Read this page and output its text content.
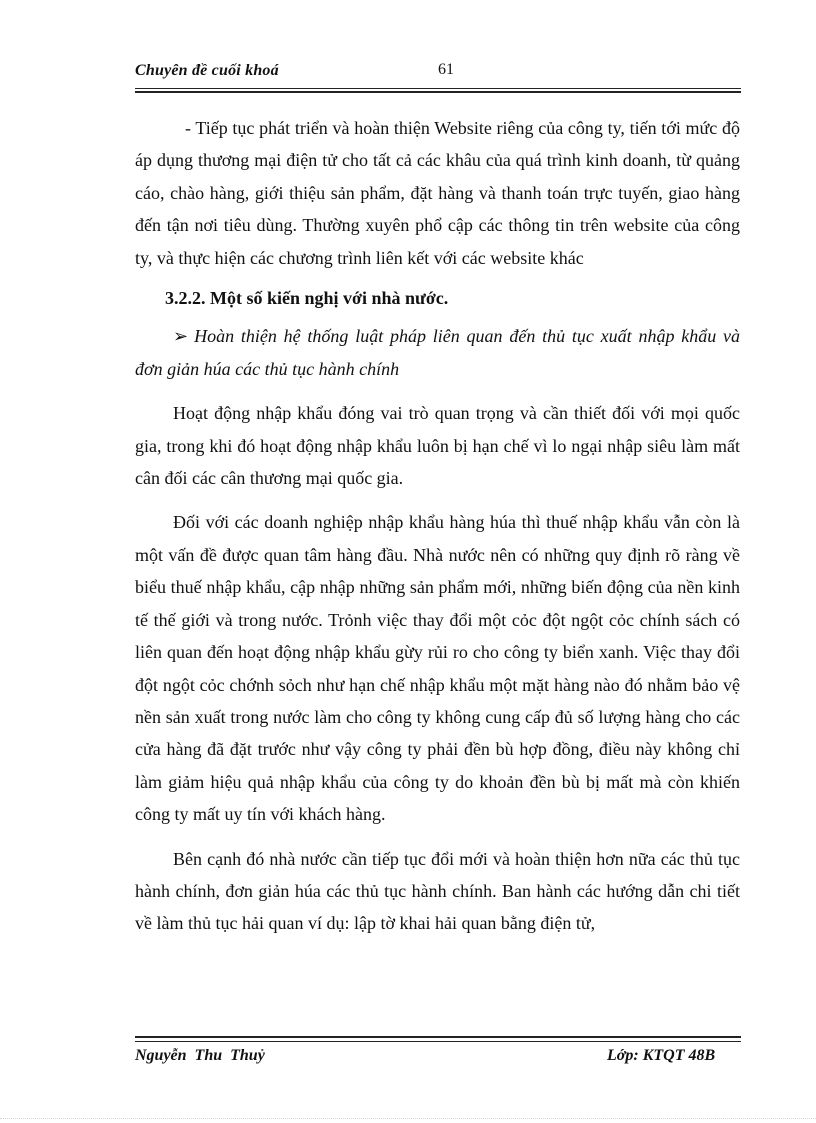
Chuyên đề cuối khoá	61

- Tiếp tục phát triển và hoàn thiện Website riêng của công ty, tiến tới mức độ áp dụng thương mại điện tử cho tất cả các khâu của quá trình kinh doanh, từ quảng cáo, chào hàng, giới thiệu sản phẩm, đặt hàng và thanh toán trực tuyến, giao hàng đến tận nơi tiêu dùng. Thường xuyên phổ cập các thông tin trên website của công ty, và thực hiện các chương trình liên kết với các website khác

3.2.2. Một số kiến nghị với nhà nước.

➢ Hoàn thiện hệ thống luật pháp liên quan đến thủ tục xuất nhập khẩu và đơn giản húa các thủ tục hành chính

Hoạt động nhập khẩu đóng vai trò quan trọng và cần thiết đối với mọi quốc gia, trong khi đó hoạt động nhập khẩu luôn bị hạn chế vì lo ngại nhập siêu làm mất cân đối các cân thương mại quốc gia.

Đối với các doanh nghiệp nhập khẩu hàng húa thì thuế nhập khẩu vẫn còn là một vấn đề được quan tâm hàng đầu. Nhà nước nên có những quy định rõ ràng về biểu thuế nhập khẩu, cập nhập những sản phẩm mới, những biến động của nền kinh tế thế giới và trong nước. Trỏnh việc thay đổi một cỏc đột ngột cỏc chính sách có liên quan đến hoạt động nhập khẩu gừy rủi ro cho công ty biển xanh. Việc thay đổi đột ngột cỏc chớnh sỏch như hạn chế nhập khẩu một mặt hàng nào đó nhằm bảo vệ nền sản xuất trong nước làm cho công ty không cung cấp đủ số lượng hàng cho các cửa hàng đã đặt trước như vậy công ty phải đền bù hợp đồng, điều này không chỉ làm giảm hiệu quả nhập khẩu của công ty do khoản đền bù bị mất mà còn khiến công ty mất uy tín với khách hàng.

Bên cạnh đó nhà nước cần tiếp tục đổi mới và hoàn thiện hơn nữa các thủ tục hành chính, đơn giản húa các thủ tục hành chính. Ban hành các hướng dẫn chi tiết về làm thủ tục hải quan ví dụ: lập tờ khai hải quan bằng điện tử,

Nguyễn Thu Thuỷ	Lớp: KTQT 48B
